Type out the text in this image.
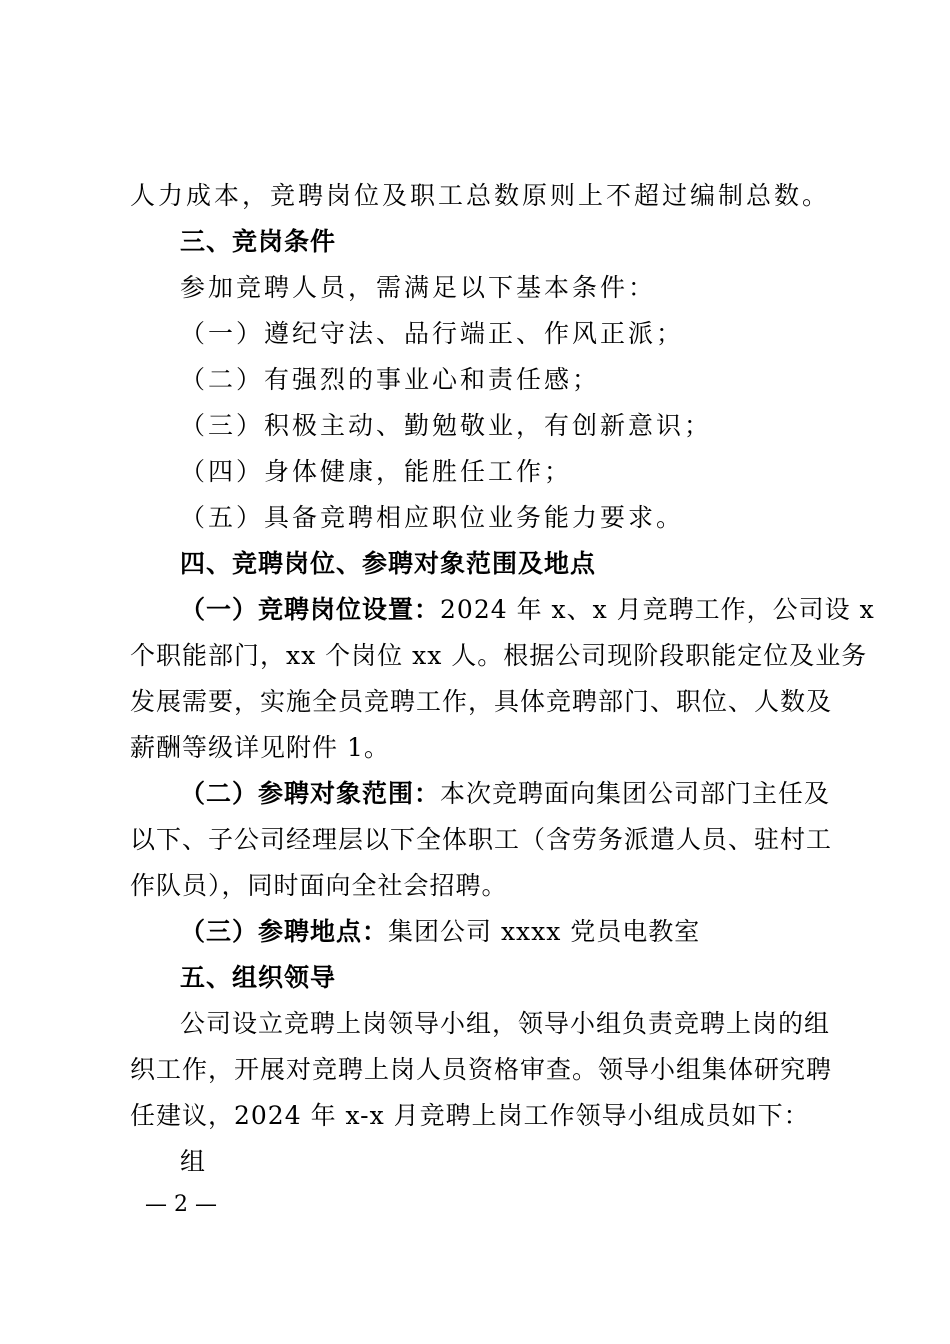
人力成本，竞聘岗位及职工总数原则上不超过编制总数。
三、竞岗条件
参加竞聘人员，需满足以下基本条件：
（一）遵纪守法、品行端正、作风正派；
（二）有强烈的事业心和责任感；
（三）积极主动、勤勉敬业，有创新意识；
（四）身体健康，能胜任工作；
（五）具备竞聘相应职位业务能力要求。
四、竞聘岗位、参聘对象范围及地点
（一）竞聘岗位设置：2024 年 x、x 月竞聘工作，公司设 x
个职能部门，xx 个岗位 xx 人。根据公司现阶段职能定位及业务
发展需要，实施全员竞聘工作，具体竞聘部门、职位、人数及
薪酬等级详见附件 1。
（二）参聘对象范围：本次竞聘面向集团公司部门主任及
以下、子公司经理层以下全体职工（含劳务派遣人员、驻村工
作队员），同时面向全社会招聘。
（三）参聘地点：集团公司 xxxx 党员电教室
五、组织领导
公司设立竞聘上岗领导小组，领导小组负责竞聘上岗的组
织工作，开展对竞聘上岗人员资格审查。领导小组集体研究聘
任建议，2024 年 x-x 月竞聘上岗工作领导小组成员如下：
组
— 2 —
